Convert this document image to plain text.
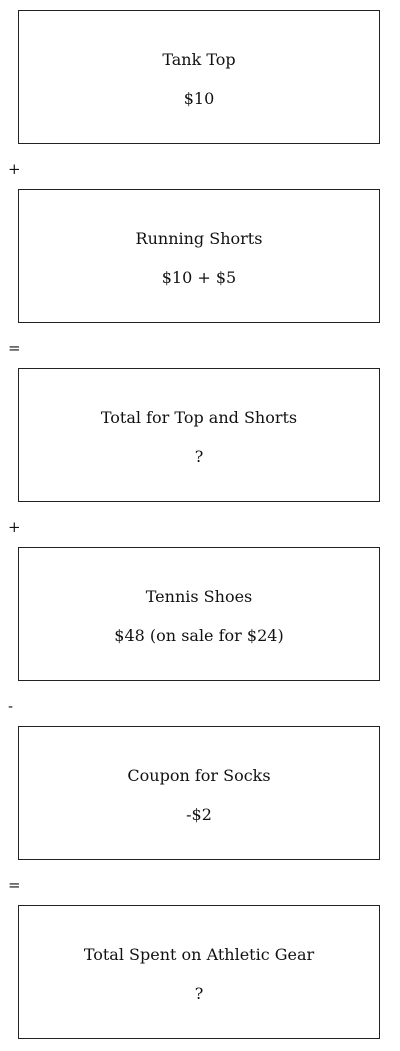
Tank Top
$10
+
Running Shorts
$10 + $5
=
Total for Top and Shorts
?
+
Tennis Shoes
$48 (on sale for $24)
-
Coupon for Socks
-$2
=
Total Spent on Athletic Gear
?
